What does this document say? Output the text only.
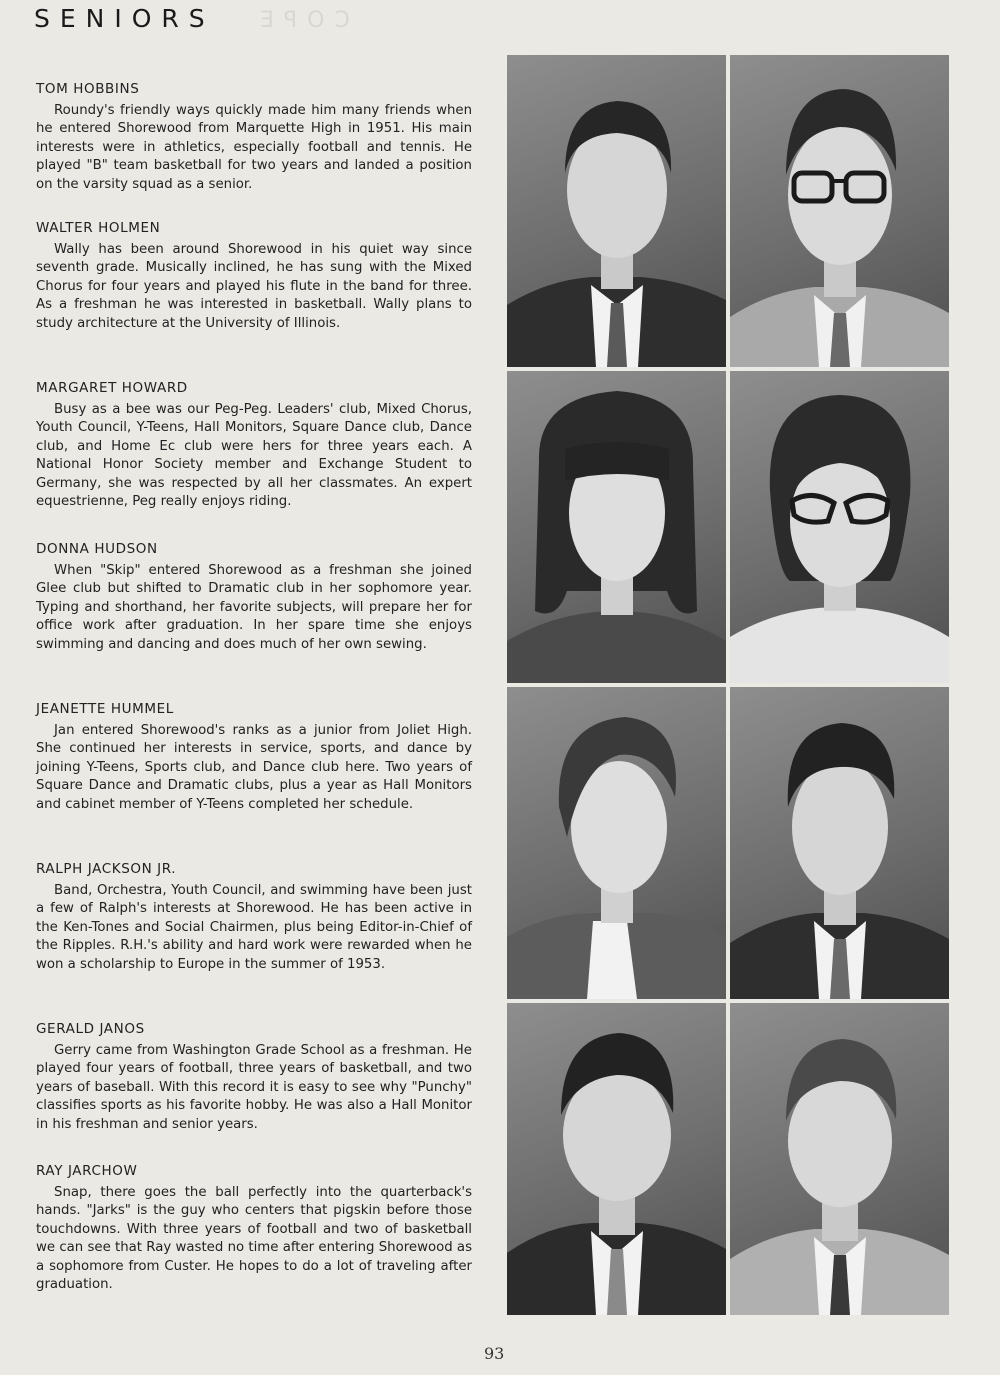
SENIORS COPE

TOM HOBBINS

Roundy's friendly ways quickly made him many friends when he entered Shorewood from Marquette High in 1951. His main interests were in athletics, especially football and tennis. He played "B" team basketball for two years and landed a position on the varsity squad as a senior.

WALTER HOLMEN

Wally has been around Shorewood in his quiet way since seventh grade. Musically inclined, he has sung with the Mixed Chorus for four years and played his flute in the band for three. As a freshman he was interested in basketball. Wally plans to study architecture at the University of Illinois.

MARGARET HOWARD

Busy as a bee was our Peg-Peg. Leaders' club, Mixed Chorus, Youth Council, Y-Teens, Hall Monitors, Square Dance club, Dance club, and Home Ec club were hers for three years each. A National Honor Society member and Exchange Student to Germany, she was respected by all her classmates. An expert equestrienne, Peg really enjoys riding.

DONNA HUDSON

When "Skip" entered Shorewood as a freshman she joined Glee club but shifted to Dramatic club in her sophomore year. Typing and shorthand, her favorite subjects, will prepare her for office work after graduation. In her spare time she enjoys swimming and dancing and does much of her own sewing.

JEANETTE HUMMEL

Jan entered Shorewood's ranks as a junior from Joliet High. She continued her interests in service, sports, and dance by joining Y-Teens, Sports club, and Dance club here. Two years of Square Dance and Dramatic clubs, plus a year as Hall Monitors and cabinet member of Y-Teens completed her schedule.

RALPH JACKSON JR.

Band, Orchestra, Youth Council, and swimming have been just a few of Ralph's interests at Shorewood. He has been active in the Ken-Tones and Social Chairmen, plus being Editor-in-Chief of the Ripples. R.H.'s ability and hard work were rewarded when he won a scholarship to Europe in the summer of 1953.

GERALD JANOS

Gerry came from Washington Grade School as a freshman. He played four years of football, three years of basketball, and two years of baseball. With this record it is easy to see why "Punchy" classifies sports as his favorite hobby. He was also a Hall Monitor in his freshman and senior years.

RAY JARCHOW

Snap, there goes the ball perfectly into the quarterback's hands. "Jarks" is the guy who centers that pigskin before those touchdowns. With three years of football and two of basketball we can see that Ray wasted no time after entering Shorewood as a sophomore from Custer. He hopes to do a lot of traveling after graduation.

93
